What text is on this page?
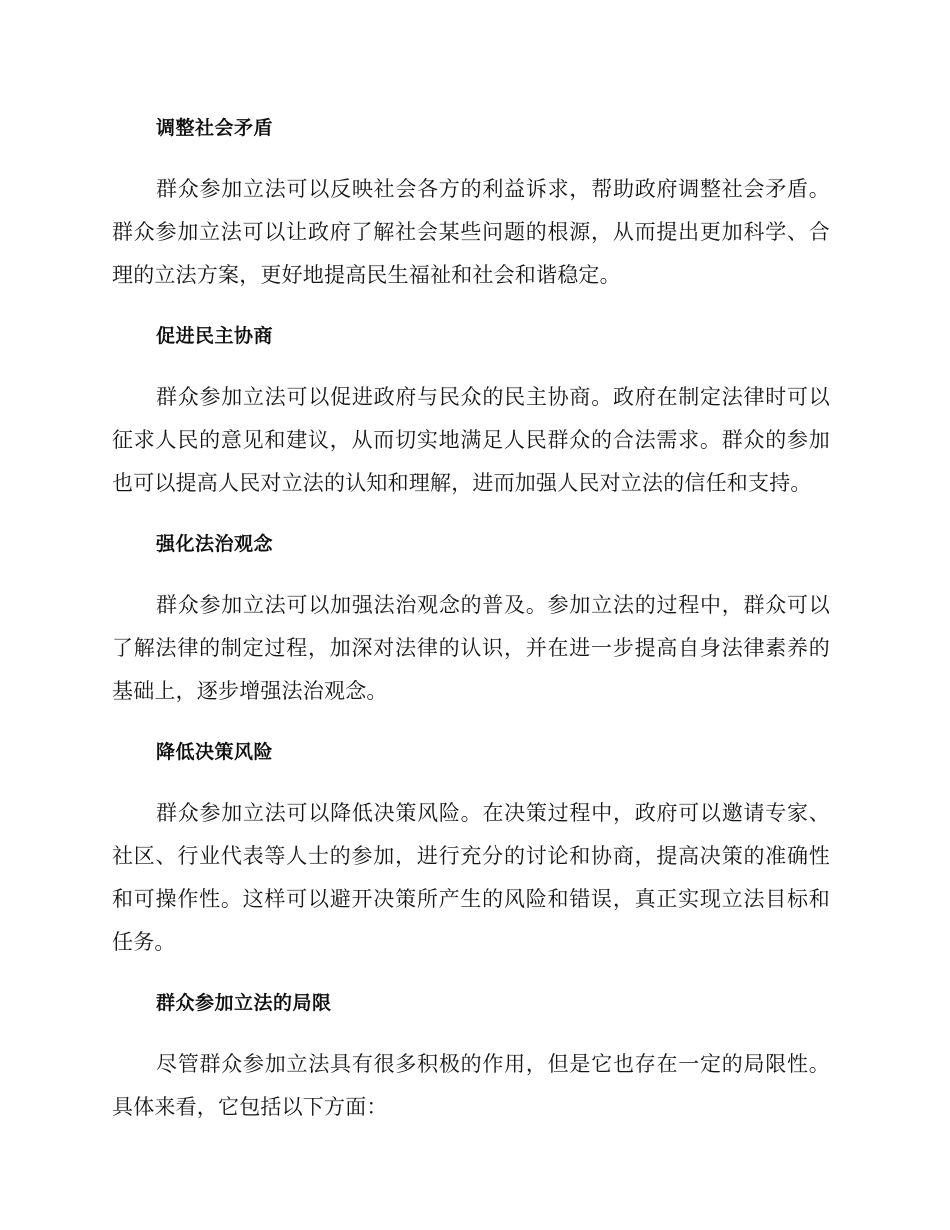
调整社会矛盾

群众参加立法可以反映社会各方的利益诉求，帮助政府调整社会矛盾。群众参加立法可以让政府了解社会某些问题的根源，从而提出更加科学、合理的立法方案，更好地提高民生福祉和社会和谐稳定。

促进民主协商

群众参加立法可以促进政府与民众的民主协商。政府在制定法律时可以征求人民的意见和建议，从而切实地满足人民群众的合法需求。群众的参加也可以提高人民对立法的认知和理解，进而加强人民对立法的信任和支持。

强化法治观念

群众参加立法可以加强法治观念的普及。参加立法的过程中，群众可以了解法律的制定过程，加深对法律的认识，并在进一步提高自身法律素养的基础上，逐步增强法治观念。

降低决策风险

群众参加立法可以降低决策风险。在决策过程中，政府可以邀请专家、社区、行业代表等人士的参加，进行充分的讨论和协商，提高决策的准确性和可操作性。这样可以避开决策所产生的风险和错误，真正实现立法目标和任务。

群众参加立法的局限

尽管群众参加立法具有很多积极的作用，但是它也存在一定的局限性。具体来看，它包括以下方面：
